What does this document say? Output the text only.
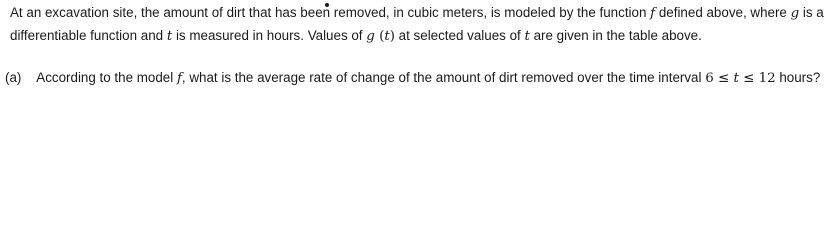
At an excavation site, the amount of dirt that has been removed, in cubic meters, is modeled by the function f defined above, where g is a

differentiable function and t is measured in hours. Values of g (t) at selected values of t are given in the table above.

(a) According to the model f, what is the average rate of change of the amount of dirt removed over the time interval 6 ≤ t ≤ 12 hours?
